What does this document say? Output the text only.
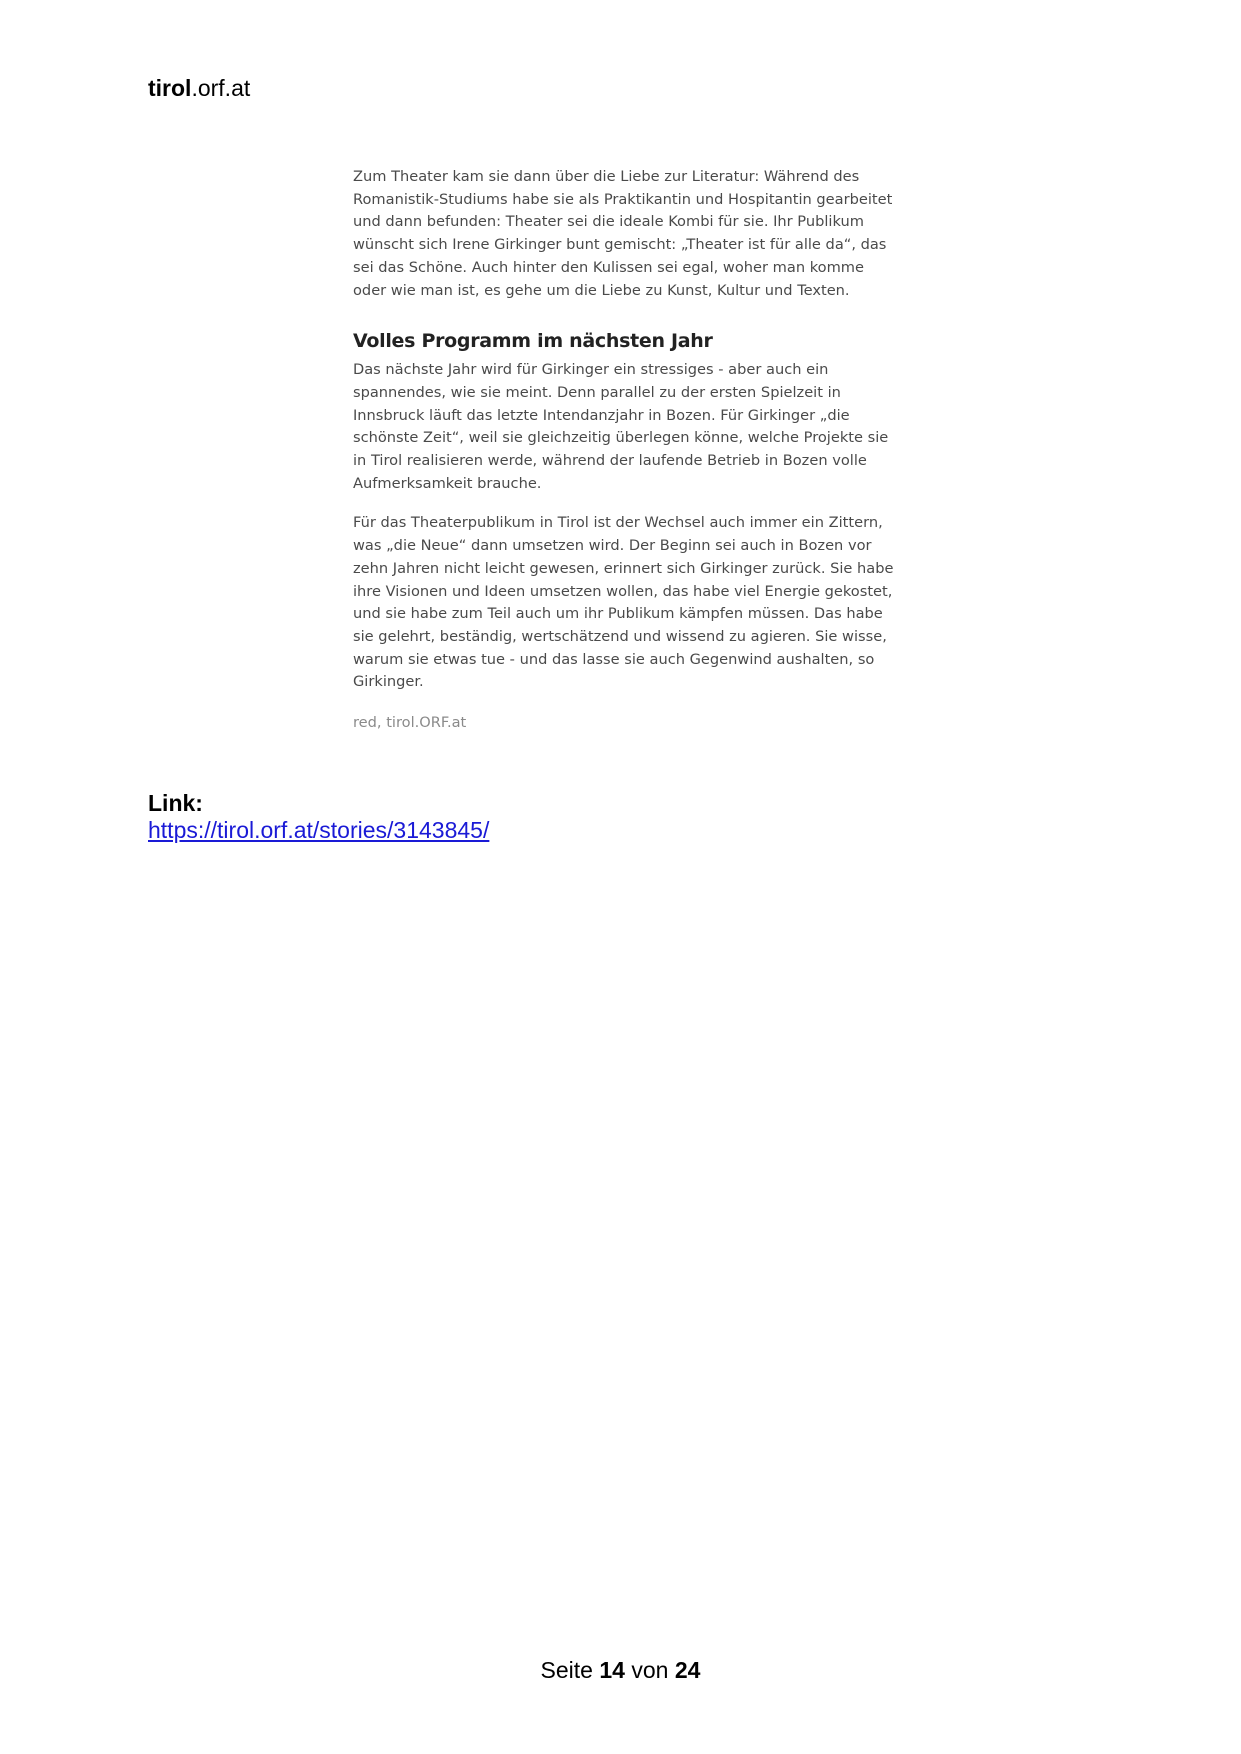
tirol.orf.at

Zum Theater kam sie dann über die Liebe zur Literatur: Während des Romanistik-Studiums habe sie als Praktikantin und Hospitantin gearbeitet und dann befunden: Theater sei die ideale Kombi für sie. Ihr Publikum wünscht sich Irene Girkinger bunt gemischt: „Theater ist für alle da“, das sei das Schöne. Auch hinter den Kulissen sei egal, woher man komme oder wie man ist, es gehe um die Liebe zu Kunst, Kultur und Texten.

Volles Programm im nächsten Jahr

Das nächste Jahr wird für Girkinger ein stressiges - aber auch ein spannendes, wie sie meint. Denn parallel zu der ersten Spielzeit in Innsbruck läuft das letzte Intendanzjahr in Bozen. Für Girkinger „die schönste Zeit“, weil sie gleichzeitig überlegen könne, welche Projekte sie in Tirol realisieren werde, während der laufende Betrieb in Bozen volle Aufmerksamkeit brauche.

Für das Theaterpublikum in Tirol ist der Wechsel auch immer ein Zittern, was „die Neue“ dann umsetzen wird. Der Beginn sei auch in Bozen vor zehn Jahren nicht leicht gewesen, erinnert sich Girkinger zurück. Sie habe ihre Visionen und Ideen umsetzen wollen, das habe viel Energie gekostet, und sie habe zum Teil auch um ihr Publikum kämpfen müssen. Das habe sie gelehrt, beständig, wertschätzend und wissend zu agieren. Sie wisse, warum sie etwas tue - und das lasse sie auch Gegenwind aushalten, so Girkinger.

red, tirol.ORF.at
Link:
https://tirol.orf.at/stories/3143845/
Seite 14 von 24
